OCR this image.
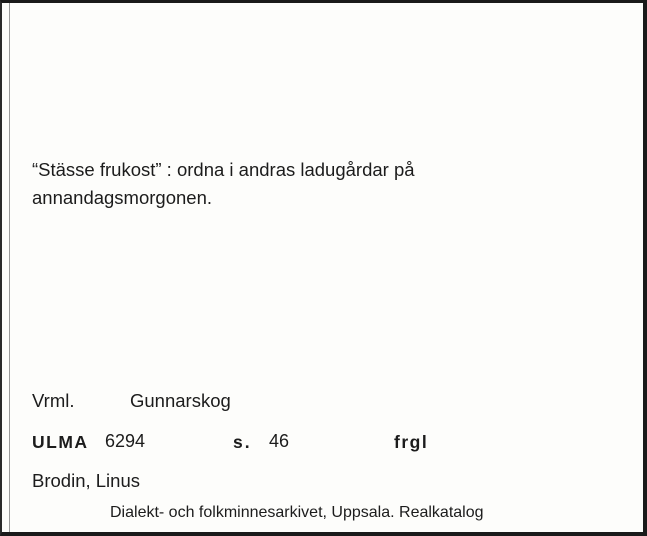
“Stässe frukost” : ordna i andras ladugårdar på
annandagsmorgonen.
Vrml.	Gunnarskog
ULMA 6294	s. 46	frgl
Brodin, Linus
Dialekt- och folkminnesarkivet, Uppsala. Realkatalog
